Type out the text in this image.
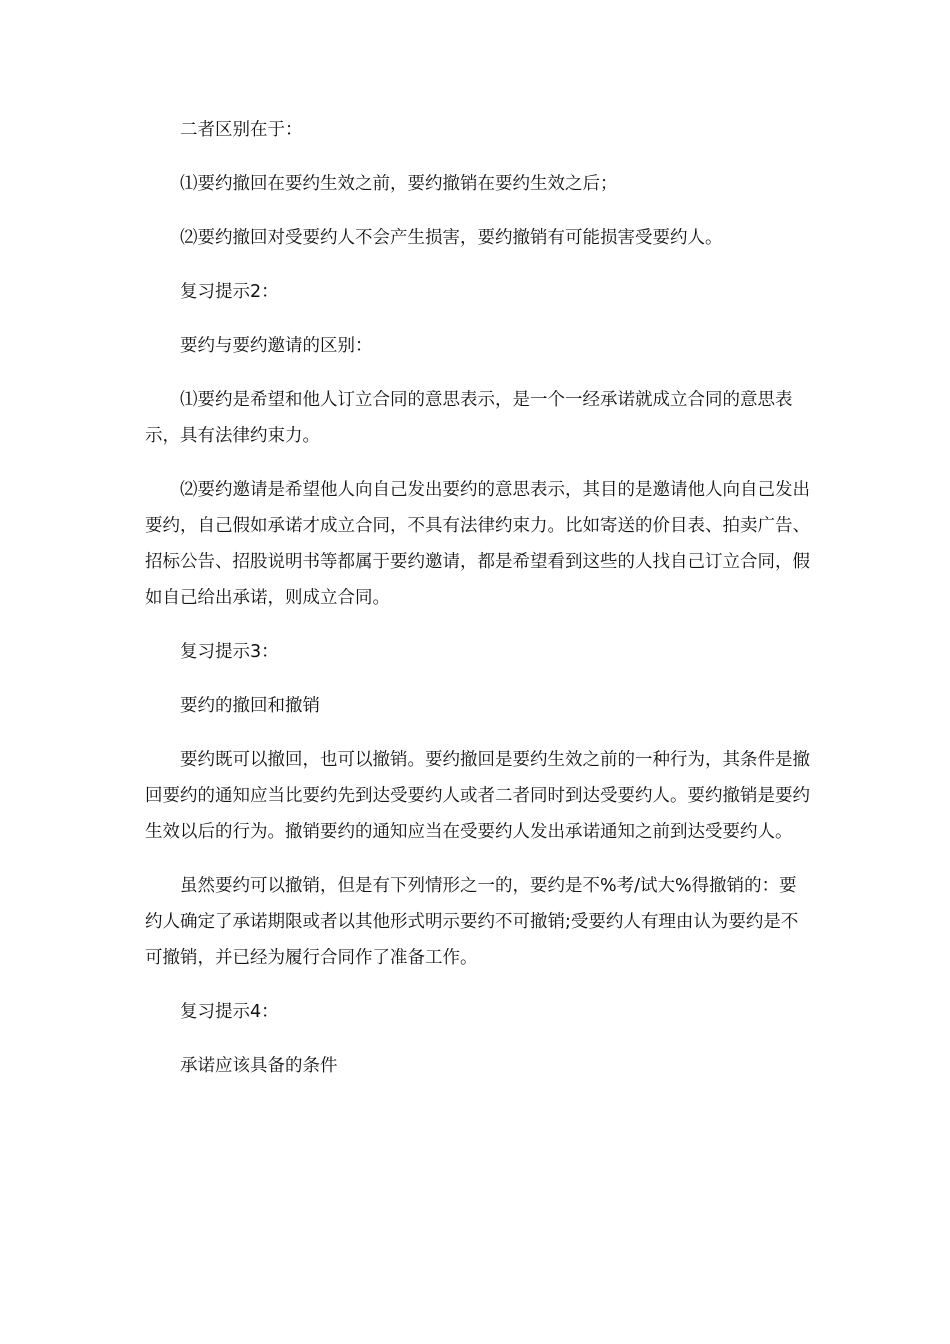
二者区别在于：

⑴要约撤回在要约生效之前，要约撤销在要约生效之后；

⑵要约撤回对受要约人不会产生损害，要约撤销有可能损害受要约人。

复习提示2：

要约与要约邀请的区别：

⑴要约是希望和他人订立合同的意思表示，是一个一经承诺就成立合同的意思表示，具有法律约束力。

⑵要约邀请是希望他人向自己发出要约的意思表示，其目的是邀请他人向自己发出要约，自己假如承诺才成立合同，不具有法律约束力。比如寄送的价目表、拍卖广告、招标公告、招股说明书等都属于要约邀请，都是希望看到这些的人找自己订立合同，假如自己给出承诺，则成立合同。

复习提示3：

要约的撤回和撤销

要约既可以撤回，也可以撤销。要约撤回是要约生效之前的一种行为，其条件是撤回要约的通知应当比要约先到达受要约人或者二者同时到达受要约人。要约撤销是要约生效以后的行为。撤销要约的通知应当在受要约人发出承诺通知之前到达受要约人。

虽然要约可以撤销，但是有下列情形之一的，要约是不%考/试大%得撤销的：要约人确定了承诺期限或者以其他形式明示要约不可撤销;受要约人有理由认为要约是不可撤销，并已经为履行合同作了准备工作。

复习提示4：

承诺应该具备的条件
